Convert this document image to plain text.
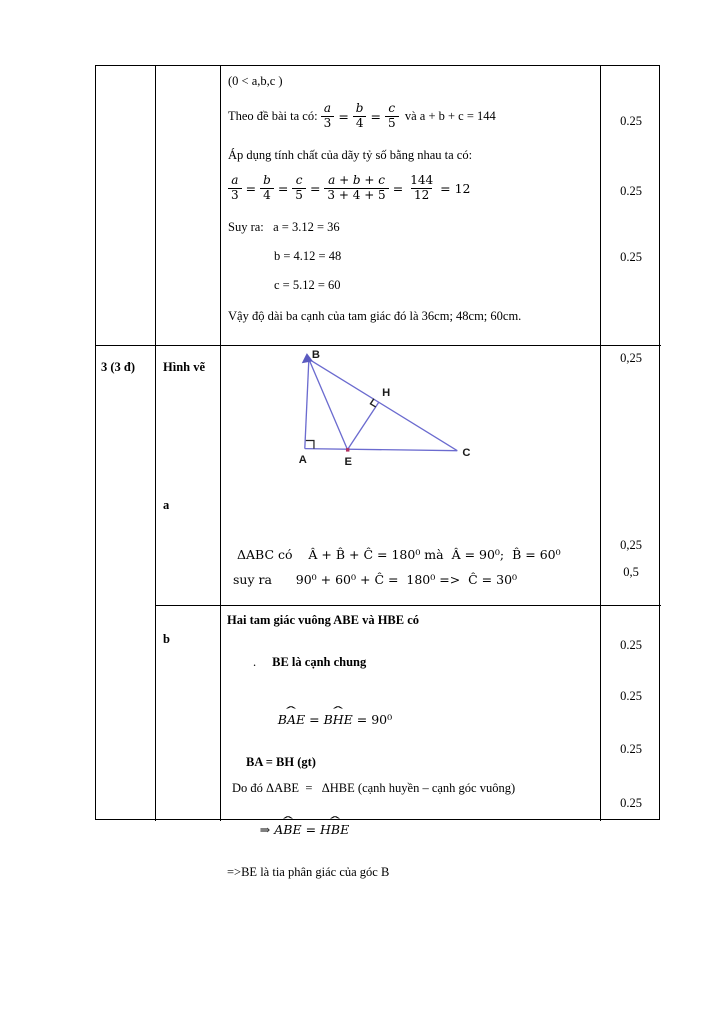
(0 < a,b,c )
Theo đề bài ta có: $\frac{a}{3} = \frac{b}{4} = \frac{c}{5}$ và a + b + c = 144
Áp dụng tính chất của dãy tỷ số bằng nhau ta có:
$\frac{a}{3} = \frac{b}{4} = \frac{c}{5} = \frac{a + b + c}{3 + 4 + 5} = \frac{144}{12} = 12$
Suy ra:   a = 3.12 = 36
b = 4.12 = 48
c = 5.12 = 60
Vậy độ dài ba cạnh của tam giác đó là 36cm; 48cm; 60cm.
0.25
0.25
0.25
3 (3 đ)	Hình vẽ
a
B
A
C
E
H
ΔABC có    Â + B̂ + Ĉ = 180⁰ mà  Â = 90⁰;  B̂ = 60⁰
suy ra      90⁰ + 60⁰ + Ĉ =  180⁰ =>  Ĉ = 30⁰
0,25
0,25
0,5
b
Hai tam giác vuông ABE và HBE có

. BE là cạnh chung

BAE ˆ = BHE ˆ = 90⁰

BA = BH (gt)
Do đó ΔABE  =   ΔHBE (cạnh huyền – cạnh góc vuông)

⇒ ABE ˆ = HBE ˆ

=>BE là tia phân giác của góc B
0.25
0.25
0.25
0.25
